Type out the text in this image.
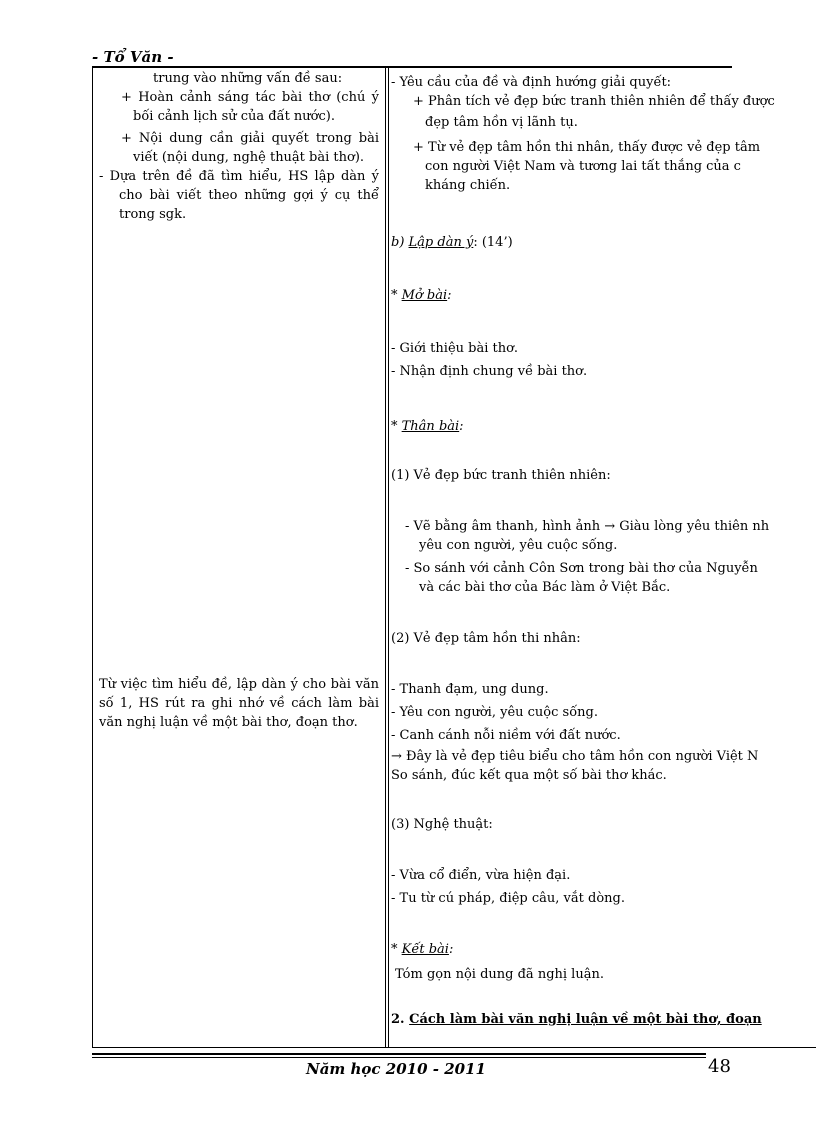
- Tổ Văn -

trung vào những vấn đề sau:

+ Hoàn cảnh sáng tác bài thơ (chú ý bối cảnh lịch sử của đất nước).

+ Nội dung cần giải quyết trong bài viết (nội dung, nghệ thuật bài thơ).

- Dựa trên đề đã tìm hiểu, HS lập dàn ý cho bài viết theo những gợi ý cụ thể trong sgk.

Từ việc tìm hiểu đề, lập dàn ý cho bài văn số 1, HS rút ra ghi nhớ về cách làm bài văn nghị luận về một bài thơ, đoạn thơ.

- Yêu cầu của đề và định hướng giải quyết:

+ Phân tích vẻ đẹp bức tranh thiên nhiên để thấy được

đẹp tâm hồn vị lãnh tụ.

+ Từ vẻ đẹp tâm hồn thi nhân, thấy được vẻ đẹp tâm

con người Việt Nam và tương lai tất thắng của c

kháng chiến.

b) Lập dàn ý: (14’)

* Mở bài:

- Giới thiệu bài thơ.

- Nhận định chung về bài thơ.

* Thân bài:

(1) Vẻ đẹp bức tranh thiên nhiên:

- Vẽ bằng âm thanh, hình ảnh → Giàu lòng yêu thiên nh

yêu con người, yêu cuộc sống.

- So sánh với cảnh Côn Sơn trong bài thơ của Nguyễn

và các bài thơ của Bác làm ở Việt Bắc.

(2) Vẻ đẹp tâm hồn thi nhân:

- Thanh đạm, ung dung.

- Yêu con người, yêu cuộc sống.

- Canh cánh nỗi niềm với đất nước.

→ Đây là vẻ đẹp tiêu biểu cho tâm hồn con người Việt N

So sánh, đúc kết qua một số bài thơ khác.

(3) Nghệ thuật:

- Vừa cổ điển, vừa hiện đại.

- Tu từ cú pháp, điệp câu, vắt dòng.

* Kết bài:

Tóm gọn nội dung đã nghị luận.

2. Cách làm bài văn nghị luận về một bài thơ, đoạn

Năm học 2010 - 2011	48
